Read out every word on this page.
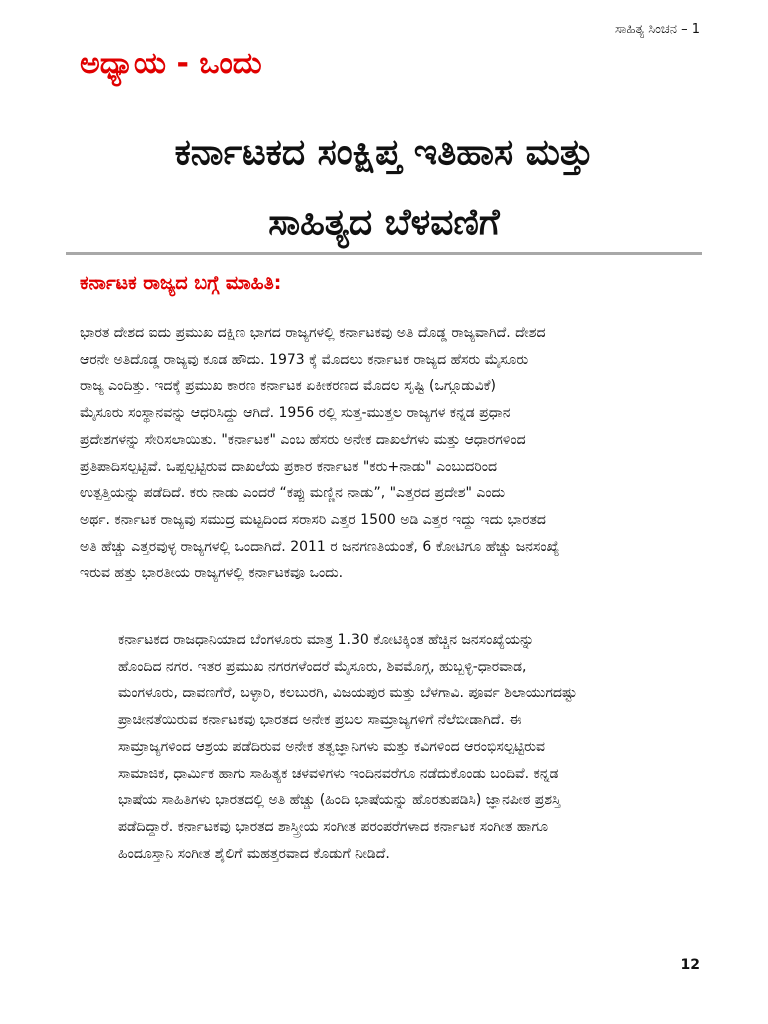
ಸಾಹಿತ್ಯ ಸಿಂಚನ – 1
ಅಧ್ಯಾಯ - ಒಂದು
ಕರ್ನಾಟಕದ ಸಂಕ್ಷಿಪ್ತ ಇತಿಹಾಸ ಮತ್ತು
ಸಾಹಿತ್ಯದ ಬೆಳವಣಿಗೆ
ಕರ್ನಾಟಕ ರಾಜ್ಯದ ಬಗ್ಗೆ ಮಾಹಿತಿ:
ಭಾರತ ದೇಶದ ಐದು ಪ್ರಮುಖ ದಕ್ಷಿಣ ಭಾಗದ ರಾಜ್ಯಗಳಲ್ಲಿ ಕರ್ನಾಟಕವು ಅತಿ ದೊಡ್ಡ ರಾಜ್ಯವಾಗಿದೆ. ದೇಶದ
ಆರನೇ ಅತಿದೊಡ್ಡ ರಾಜ್ಯವು ಕೂಡ ಹೌದು. 1973 ಕ್ಕೆ ಮೊದಲು ಕರ್ನಾಟಕ ರಾಜ್ಯದ ಹೆಸರು ಮೈಸೂರು
ರಾಜ್ಯ ಎಂದಿತ್ತು. ಇದಕ್ಕೆ ಪ್ರಮುಖ ಕಾರಣ ಕರ್ನಾಟಕ ಏಕೀಕರಣದ ಮೊದಲ ಸೃಷ್ಟಿ (ಒಗ್ಗೂಡುವಿಕೆ)
ಮೈಸೂರು ಸಂಸ್ಥಾನವನ್ನು ಆಧರಿಸಿದ್ದು ಆಗಿದೆ. 1956 ರಲ್ಲಿ ಸುತ್ತ-ಮುತ್ತಲ ರಾಜ್ಯಗಳ ಕನ್ನಡ ಪ್ರಧಾನ
ಪ್ರದೇಶಗಳನ್ನು ಸೇರಿಸಲಾಯಿತು. "ಕರ್ನಾಟಕ" ಎಂಬ ಹೆಸರು ಅನೇಕ ದಾಖಲೆಗಳು ಮತ್ತು ಆಧಾರಗಳಿಂದ
ಪ್ರತಿಪಾದಿಸಲ್ಪಟ್ಟಿವೆ. ಒಪ್ಪಲ್ಪಟ್ಟಿರುವ ದಾಖಲೆಯ ಪ್ರಕಾರ ಕರ್ನಾಟಕ "ಕರು+ನಾಡು" ಎಂಬುದರಿಂದ
ಉತ್ಪತ್ತಿಯನ್ನು ಪಡೆದಿದೆ. ಕರು ನಾಡು ಎಂದರೆ “ಕಪ್ಪು ಮಣ್ಣಿನ ನಾಡು”, "ಎತ್ತರದ ಪ್ರದೇಶ" ಎಂದು
ಅರ್ಥ. ಕರ್ನಾಟಕ ರಾಜ್ಯವು ಸಮುದ್ರ ಮಟ್ಟದಿಂದ ಸರಾಸರಿ ಎತ್ತರ 1500 ಅಡಿ ಎತ್ತರ ಇದ್ದು ಇದು ಭಾರತದ
ಅತಿ ಹೆಚ್ಚು ಎತ್ತರವುಳ್ಳ ರಾಜ್ಯಗಳಲ್ಲಿ ಒಂದಾಗಿದೆ. 2011 ರ ಜನಗಣತಿಯಂತೆ, 6 ಕೋಟಿಗೂ ಹೆಚ್ಚು ಜನಸಂಖ್ಯೆ
ಇರುವ ಹತ್ತು ಭಾರತೀಯ ರಾಜ್ಯಗಳಲ್ಲಿ ಕರ್ನಾಟಕವೂ ಒಂದು.
ಕರ್ನಾಟಕದ ರಾಜಧಾನಿಯಾದ ಬೆಂಗಳೂರು ಮಾತ್ರ 1.30 ಕೋಟಿಕ್ಕಿಂತ ಹೆಚ್ಚಿನ ಜನಸಂಖ್ಯೆಯನ್ನು
ಹೊಂದಿದ ನಗರ. ಇತರ ಪ್ರಮುಖ ನಗರಗಳೆಂದರೆ ಮೈಸೂರು, ಶಿವಮೊಗ್ಗ, ಹುಬ್ಬಳ್ಳಿ-ಧಾರವಾಡ,
ಮಂಗಳೂರು, ದಾವಣಗೆರೆ, ಬಳ್ಳಾರಿ, ಕಲಬುರಗಿ, ವಿಜಯಪುರ ಮತ್ತು ಬೆಳಗಾವಿ. ಪೂರ್ವ ಶಿಲಾಯುಗದಷ್ಟು
ಪ್ರಾಚೀನತೆಯಿರುವ ಕರ್ನಾಟಕವು ಭಾರತದ ಅನೇಕ ಪ್ರಬಲ ಸಾಮ್ರಾಜ್ಯಗಳಿಗೆ ನೆಲೆಬೀಡಾಗಿದೆ. ಈ
ಸಾಮ್ರಾಜ್ಯಗಳಿಂದ ಆಶ್ರಯ ಪಡೆದಿರುವ ಅನೇಕ ತತ್ವಜ್ಞಾನಿಗಳು ಮತ್ತು ಕವಿಗಳಿಂದ ಆರಂಭಿಸಲ್ಪಟ್ಟಿರುವ
ಸಾಮಾಜಿಕ, ಧಾರ್ಮಿಕ ಹಾಗು ಸಾಹಿತ್ಯಕ ಚಳವಳಿಗಳು ಇಂದಿನವರೆಗೂ ನಡೆದುಕೊಂಡು ಬಂದಿವೆ. ಕನ್ನಡ
ಭಾಷೆಯ ಸಾಹಿತಿಗಳು ಭಾರತದಲ್ಲಿ ಅತಿ ಹೆಚ್ಚು (ಹಿಂದಿ ಭಾಷೆಯನ್ನು ಹೊರತುಪಡಿಸಿ) ಜ್ಞಾನಪೀಠ ಪ್ರಶಸ್ತಿ
ಪಡೆದಿದ್ದಾರೆ. ಕರ್ನಾಟಕವು ಭಾರತದ ಶಾಸ್ತ್ರೀಯ ಸಂಗೀತ ಪರಂಪರೆಗಳಾದ ಕರ್ನಾಟಕ ಸಂಗೀತ ಹಾಗೂ
ಹಿಂದೂಸ್ತಾನಿ ಸಂಗೀತ ಶೈಲಿಗೆ ಮಹತ್ತರವಾದ ಕೊಡುಗೆ ನೀಡಿದೆ.
12
